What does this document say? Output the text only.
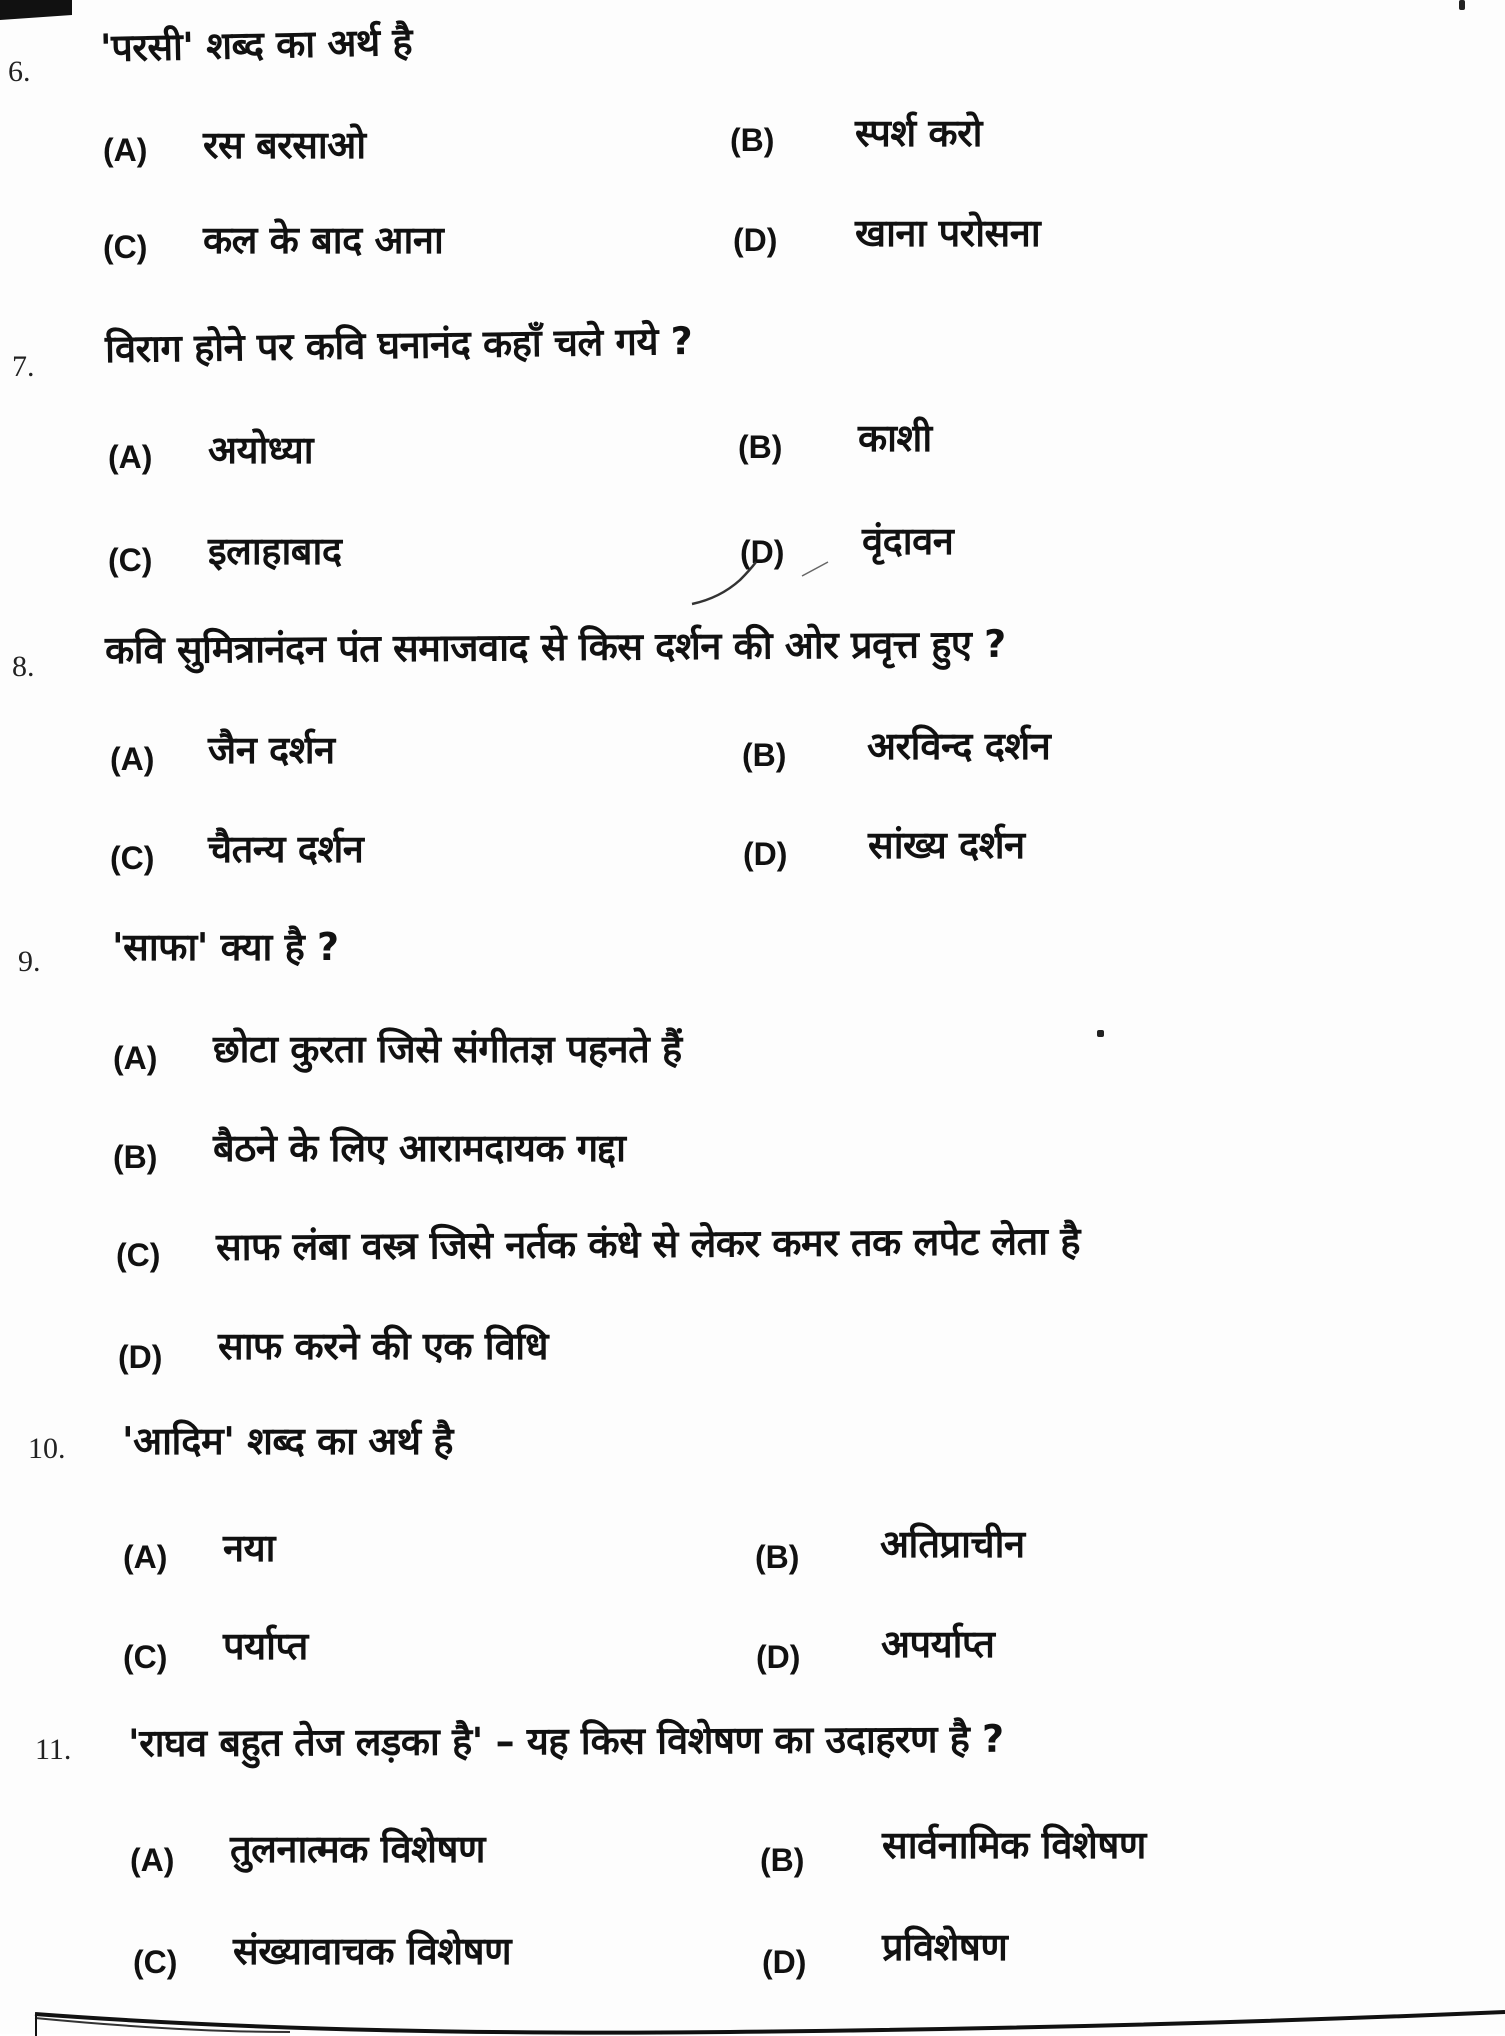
6.
'परसी' शब्द का अर्थ है
(A) रस बरसाओ	(B) स्पर्श करो
(C) कल के बाद आना	(D) खाना परोसना
7. विराग होने पर कवि घनानंद कहाँ चले गये ?
(A) अयोध्या	(B) काशी
(C) इलाहाबाद	(D) वृंदावन
8. कवि सुमित्रानंदन पंत समाजवाद से किस दर्शन की ओर प्रवृत्त हुए ?
(A) जैन दर्शन	(B) अरविन्द दर्शन
(C) चैतन्य दर्शन	(D) सांख्य दर्शन
9. 'साफा' क्या है ?
(A) छोटा कुरता जिसे संगीतज्ञ पहनते हैं
(B) बैठने के लिए आरामदायक गद्दा
(C) साफ लंबा वस्त्र जिसे नर्तक कंधे से लेकर कमर तक लपेट लेता है
(D) साफ करने की एक विधि
10. 'आदिम' शब्द का अर्थ है
(A) नया	(B) अतिप्राचीन
(C) पर्याप्त	(D) अपर्याप्त
11. 'राघव बहुत तेज लड़का है' – यह किस विशेषण का उदाहरण है ?
(A) तुलनात्मक विशेषण	(B) सार्वनामिक विशेषण
(C) संख्यावाचक विशेषण	(D) प्रविशेषण
